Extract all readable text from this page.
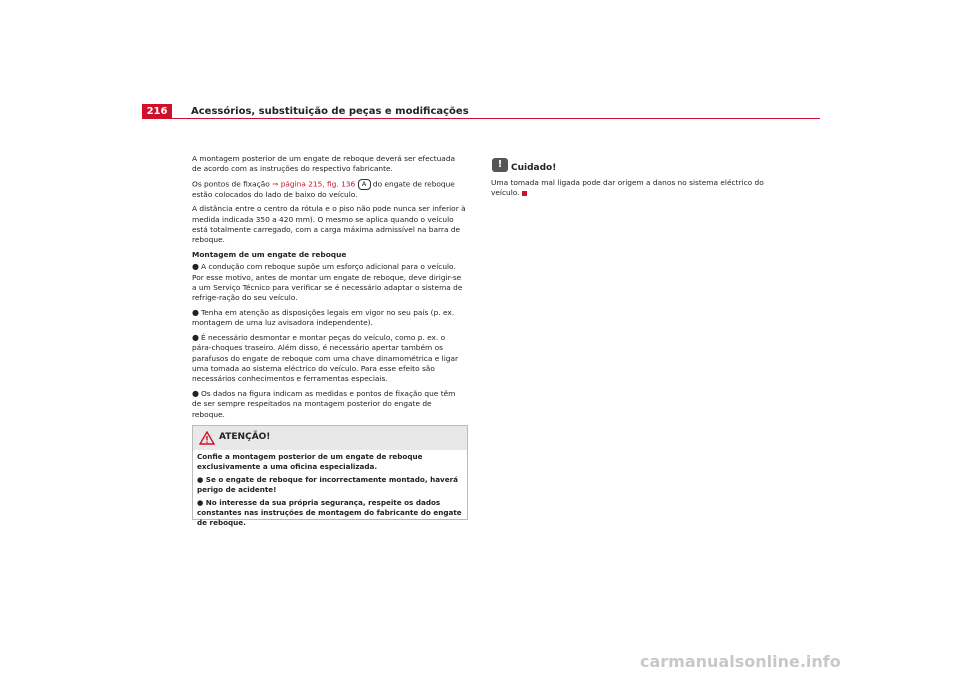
216	Acessórios, substituição de peças e modificações

A montagem posterior de um engate de reboque deverá ser efectuada de acordo com as instruções do respectivo fabricante.

Os pontos de fixação ⇒ página 215, fig. 136 A do engate de reboque estão colocados do lado de baixo do veículo.

A distância entre o centro da rótula e o piso não pode nunca ser inferior à medida indicada 350 a 420 mm). O mesmo se aplica quando o veículo está totalmente carregado, com a carga máxima admissível na barra de reboque.

Montagem de um engate de reboque

● A condução com reboque supõe um esforço adicional para o veículo. Por esse motivo, antes de montar um engate de reboque, deve dirigir-se a um Serviço Técnico para verificar se é necessário adaptar o sistema de refrige-ração do seu veículo.

● Tenha em atenção as disposições legais em vigor no seu país (p. ex. montagem de uma luz avisadora independente).

● É necessário desmontar e montar peças do veículo, como p. ex. o pára-choques traseiro. Além disso, é necessário apertar também os parafusos do engate de reboque com uma chave dinamométrica e ligar uma tomada ao sistema eléctrico do veículo. Para esse efeito são necessários conhecimentos e ferramentas especiais.

● Os dados na figura indicam as medidas e pontos de fixação que têm de ser sempre respeitados na montagem posterior do engate de reboque.

ATENÇÃO!

Confie a montagem posterior de um engate de reboque exclusivamente a uma oficina especializada.

● Se o engate de reboque for incorrectamente montado, haverá perigo de acidente!

● No interesse da sua própria segurança, respeite os dados constantes nas instruções de montagem do fabricante do engate de reboque.

! Cuidado!

Uma tomada mal ligada pode dar origem a danos no sistema eléctrico do veículo.

carmanualsonline.info
